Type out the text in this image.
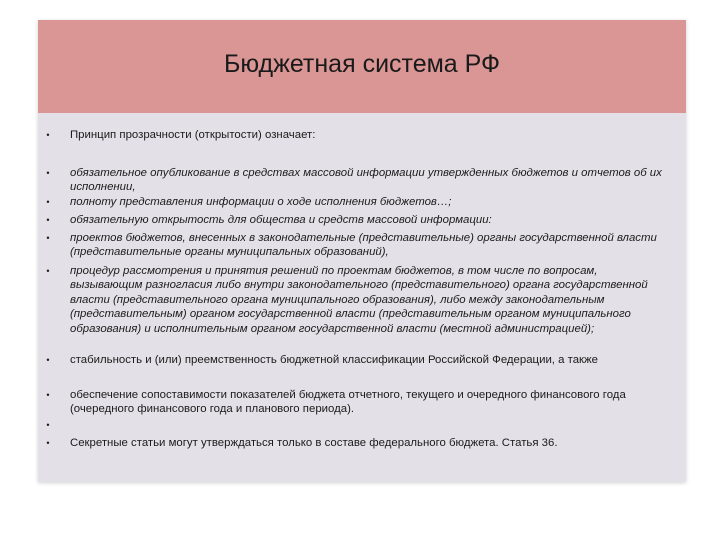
Бюджетная система РФ
•	Принцип прозрачности (открытости) означает:
•	обязательное опубликование в средствах массовой информации утвержденных бюджетов и отчетов об их исполнении,
•	полноту представления информации о ходе исполнения бюджетов…;
•	обязательную открытость для общества и средств массовой информации:
•	проектов бюджетов, внесенных в законодательные (представительные) органы государственной власти (представительные органы муниципальных образований),
•	процедур рассмотрения и принятия решений по проектам бюджетов, в том числе по вопросам, вызывающим разногласия либо внутри законодательного (представительного) органа государственной власти (представительного органа муниципального образования), либо между законодательным (представительным) органом государственной власти (представительным органом муниципального образования) и исполнительным органом государственной власти (местной администрацией);
•	стабильность и (или) преемственность бюджетной классификации Российской Федерации, а также
•	обеспечение сопоставимости показателей бюджета отчетного, текущего и очередного финансового года (очередного финансового года и планового периода).
•
•	Секретные статьи могут утверждаться только в составе федерального бюджета. Статья 36.
